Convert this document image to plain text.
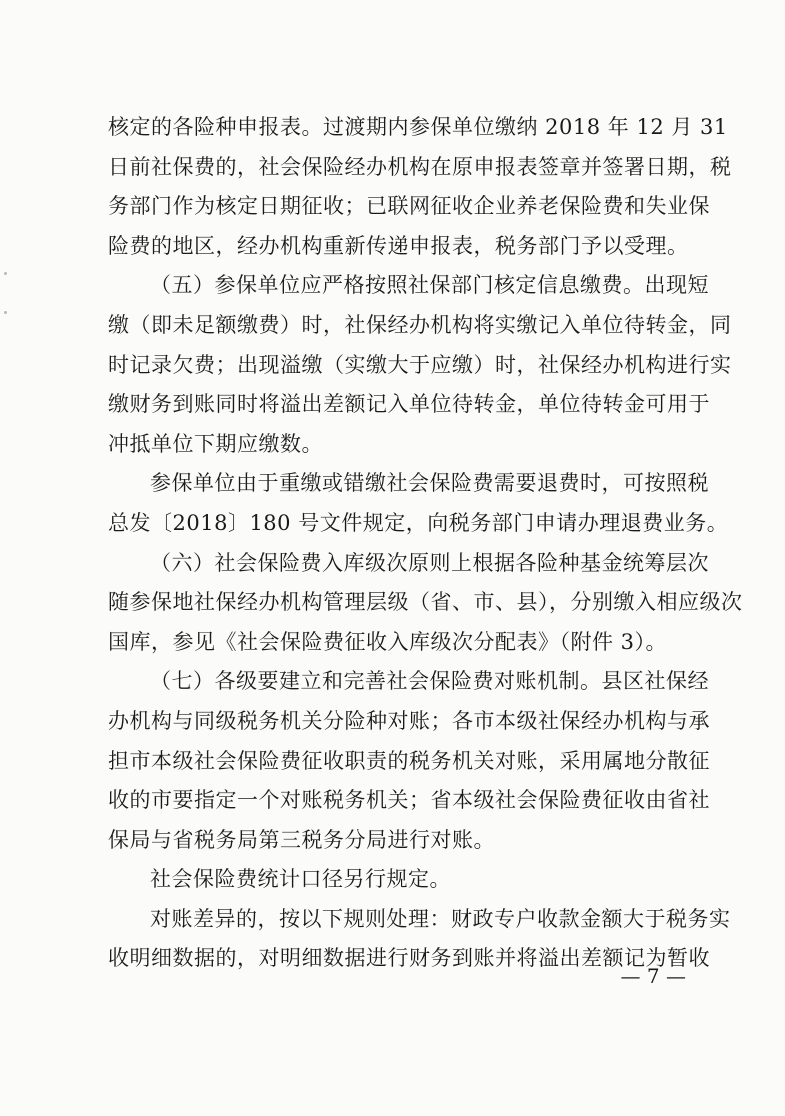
核定的各险种申报表。过渡期内参保单位缴纳 2018 年 12 月 31
日前社保费的，社会保险经办机构在原申报表签章并签署日期，税
务部门作为核定日期征收；已联网征收企业养老保险费和失业保
险费的地区，经办机构重新传递申报表，税务部门予以受理。
（五）参保单位应严格按照社保部门核定信息缴费。出现短
缴（即未足额缴费）时，社保经办机构将实缴记入单位待转金，同
时记录欠费；出现溢缴（实缴大于应缴）时，社保经办机构进行实
缴财务到账同时将溢出差额记入单位待转金，单位待转金可用于
冲抵单位下期应缴数。
参保单位由于重缴或错缴社会保险费需要退费时，可按照税
总发〔2018〕180 号文件规定，向税务部门申请办理退费业务。
（六）社会保险费入库级次原则上根据各险种基金统筹层次
随参保地社保经办机构管理层级（省、市、县），分别缴入相应级次
国库，参见《社会保险费征收入库级次分配表》（附件 3）。
（七）各级要建立和完善社会保险费对账机制。县区社保经
办机构与同级税务机关分险种对账；各市本级社保经办机构与承
担市本级社会保险费征收职责的税务机关对账，采用属地分散征
收的市要指定一个对账税务机关；省本级社会保险费征收由省社
保局与省税务局第三税务分局进行对账。
社会保险费统计口径另行规定。
对账差异的，按以下规则处理：财政专户收款金额大于税务实
收明细数据的，对明细数据进行财务到账并将溢出差额记为暂收
— 7 —
